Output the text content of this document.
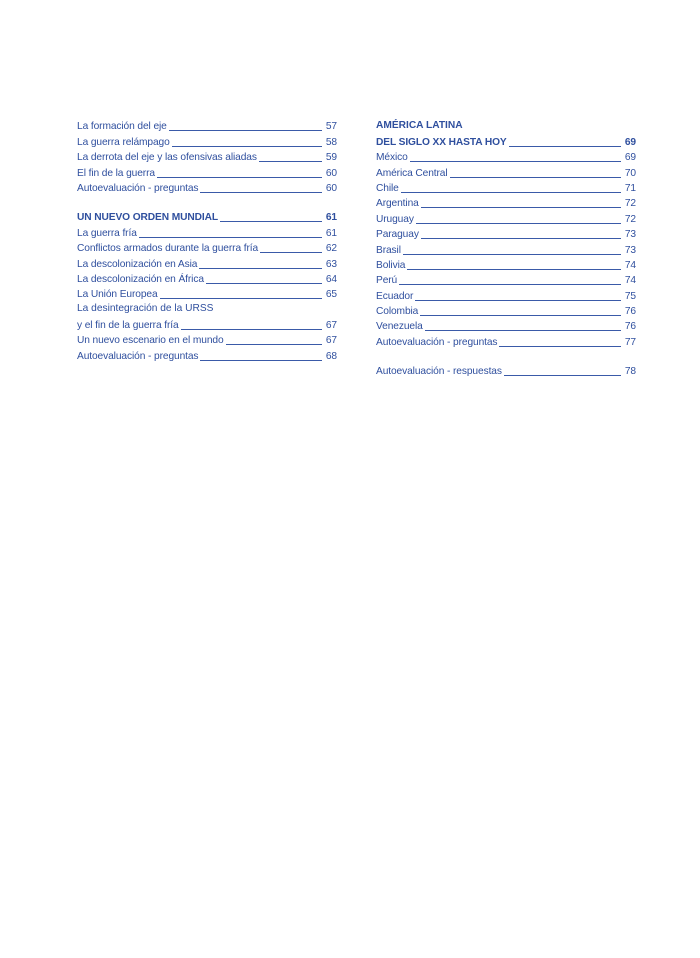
La formación del eje	57
La guerra relámpago	58
La derrota del eje y las ofensivas aliadas	59
El fin de la guerra	60
Autoevaluación - preguntas	60
UN NUEVO ORDEN MUNDIAL	61
La guerra fría	61
Conflictos armados durante la guerra fría	62
La descolonización en Asia	63
La descolonización en África	64
La Unión Europea	65
La desintegración de la URSS
y el fin de la guerra fría	67
Un nuevo escenario en el mundo	67
Autoevaluación - preguntas	68
AMÉRICA LATINA
DEL SIGLO XX HASTA HOY	69
México	69
América Central	70
Chile	71
Argentina	72
Uruguay	72
Paraguay	73
Brasil	73
Bolivia	74
Perú	74
Ecuador	75
Colombia	76
Venezuela	76
Autoevaluación - preguntas	77
Autoevaluación - respuestas	78
